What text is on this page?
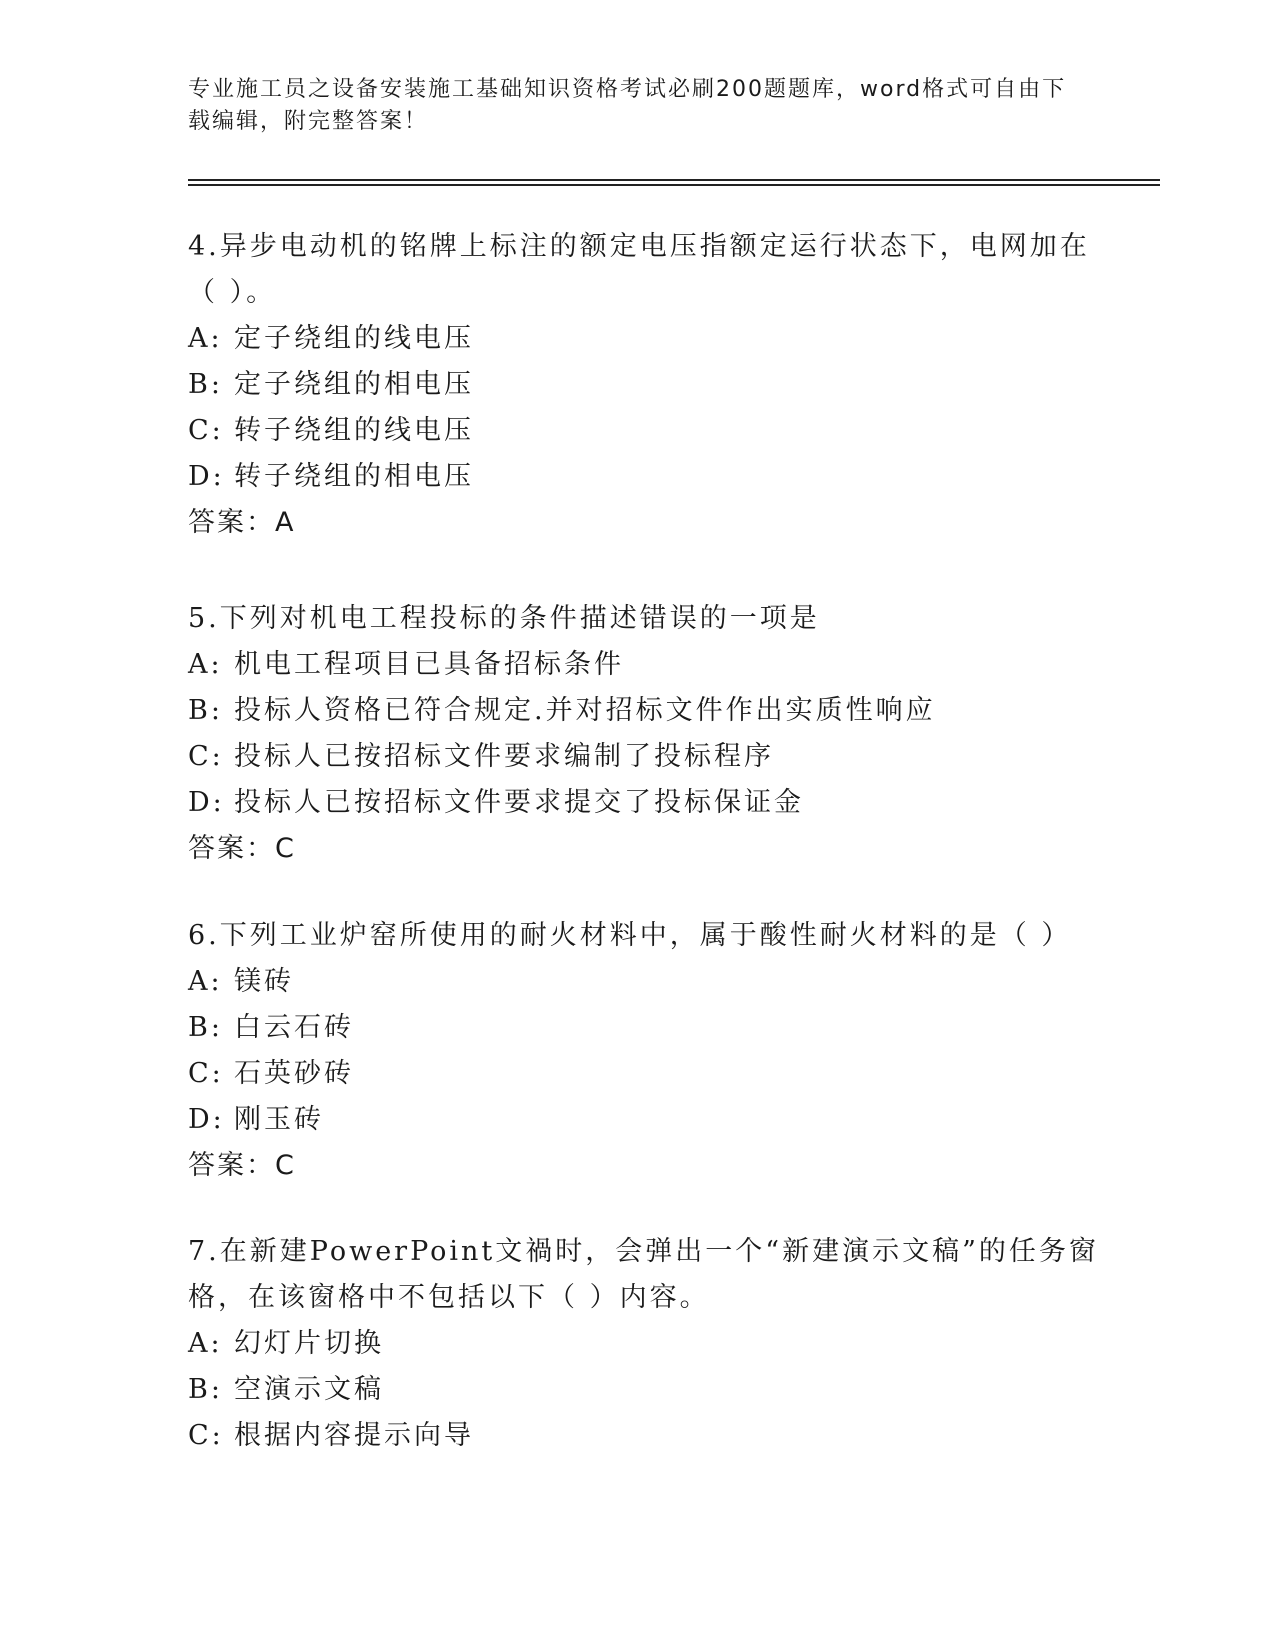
专业施工员之设备安装施工基础知识资格考试必刷200题题库，word格式可自由下载编辑，附完整答案！

4.异步电动机的铭牌上标注的额定电压指额定运行状态下，电网加在（ ）。

A: 定子绕组的线电压

B: 定子绕组的相电压

C: 转子绕组的线电压

D: 转子绕组的相电压

答案：A

5.下列对机电工程投标的条件描述错误的一项是

A: 机电工程项目已具备招标条件

B: 投标人资格已符合规定.并对招标文件作出实质性响应

C: 投标人已按招标文件要求编制了投标程序

D: 投标人已按招标文件要求提交了投标保证金

答案：C

6.下列工业炉窑所使用的耐火材料中，属于酸性耐火材料的是（ ）

A: 镁砖

B: 白云石砖

C: 石英砂砖

D: 刚玉砖

答案：C

7.在新建PowerPoint文禍时，会弹出一个“新建演示文稿”的任务窗格，在该窗格中不包括以下（ ）内容。

A: 幻灯片切换

B: 空演示文稿

C: 根据内容提示向导
